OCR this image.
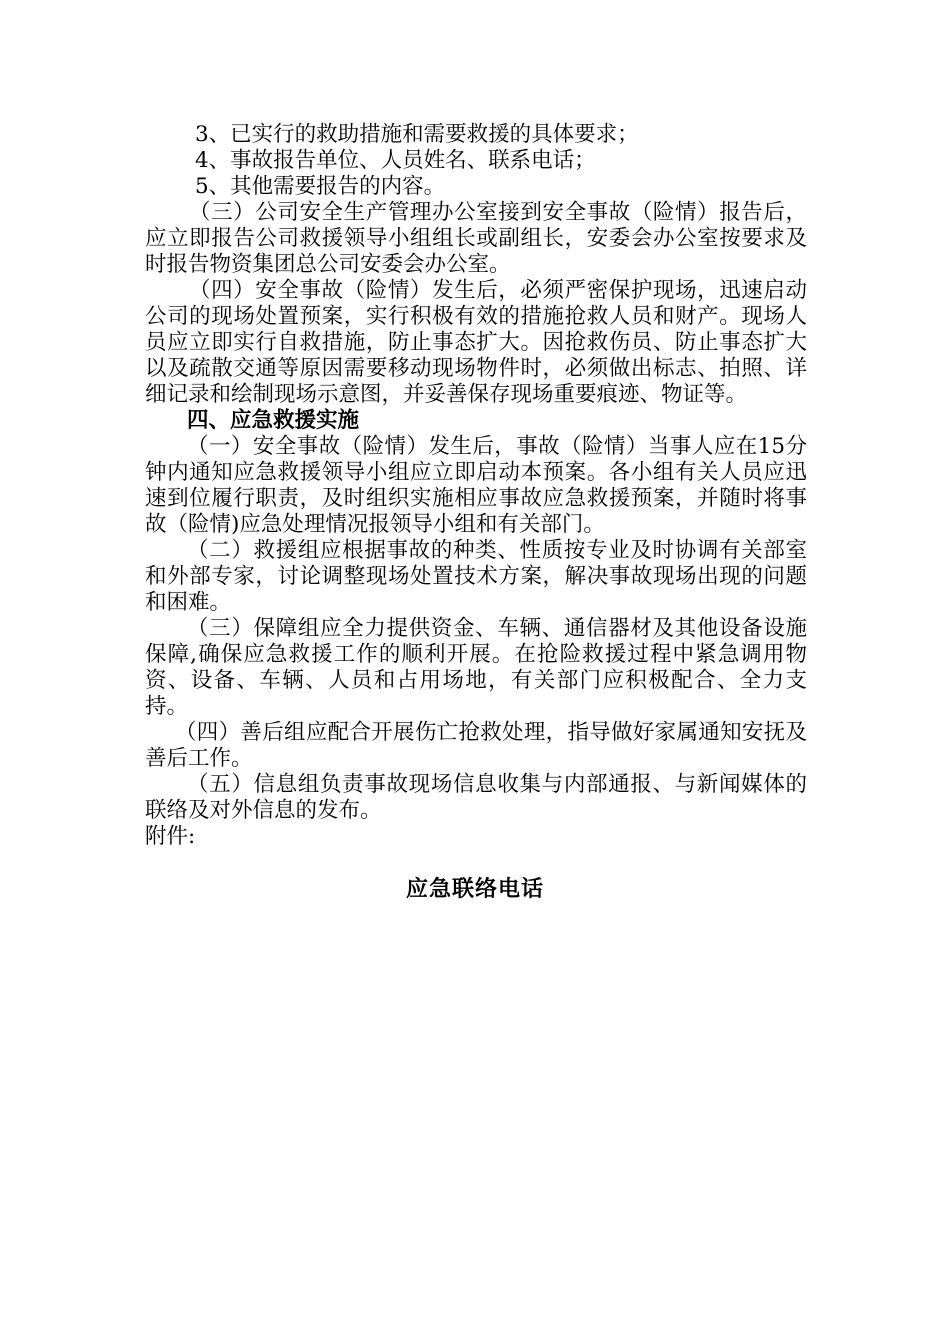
3、已实行的救助措施和需要救援的具体要求；
4、事故报告单位、人员姓名、联系电话；
5、其他需要报告的内容。

（三）公司安全生产管理办公室接到安全事故（险情）报告后，应立即报告公司救援领导小组组长或副组长，安委会办公室按要求及时报告物资集团总公司安委会办公室。

（四）安全事故（险情）发生后，必须严密保护现场，迅速启动公司的现场处置预案，实行积极有效的措施抢救人员和财产。现场人员应立即实行自救措施，防止事态扩大。因抢救伤员、防止事态扩大以及疏散交通等原因需要移动现场物件时，必须做出标志、拍照、详细记录和绘制现场示意图，并妥善保存现场重要痕迹、物证等。

四、应急救援实施

（一）安全事故（险情）发生后，事故（险情）当事人应在15分钟内通知应急救援领导小组应立即启动本预案。各小组有关人员应迅速到位履行职责，及时组织实施相应事故应急救援预案，并随时将事故（险情)应急处理情况报领导小组和有关部门。

（二）救援组应根据事故的种类、性质按专业及时协调有关部室和外部专家，讨论调整现场处置技术方案，解决事故现场出现的问题和困难。

（三）保障组应全力提供资金、车辆、通信器材及其他设备设施保障,确保应急救援工作的顺利开展。在抢险救援过程中紧急调用物资、设备、车辆、人员和占用场地，有关部门应积极配合、全力支持。

（四）善后组应配合开展伤亡抢救处理，指导做好家属通知安抚及善后工作。

（五）信息组负责事故现场信息收集与内部通报、与新闻媒体的联络及对外信息的发布。

附件:
应急联络电话
